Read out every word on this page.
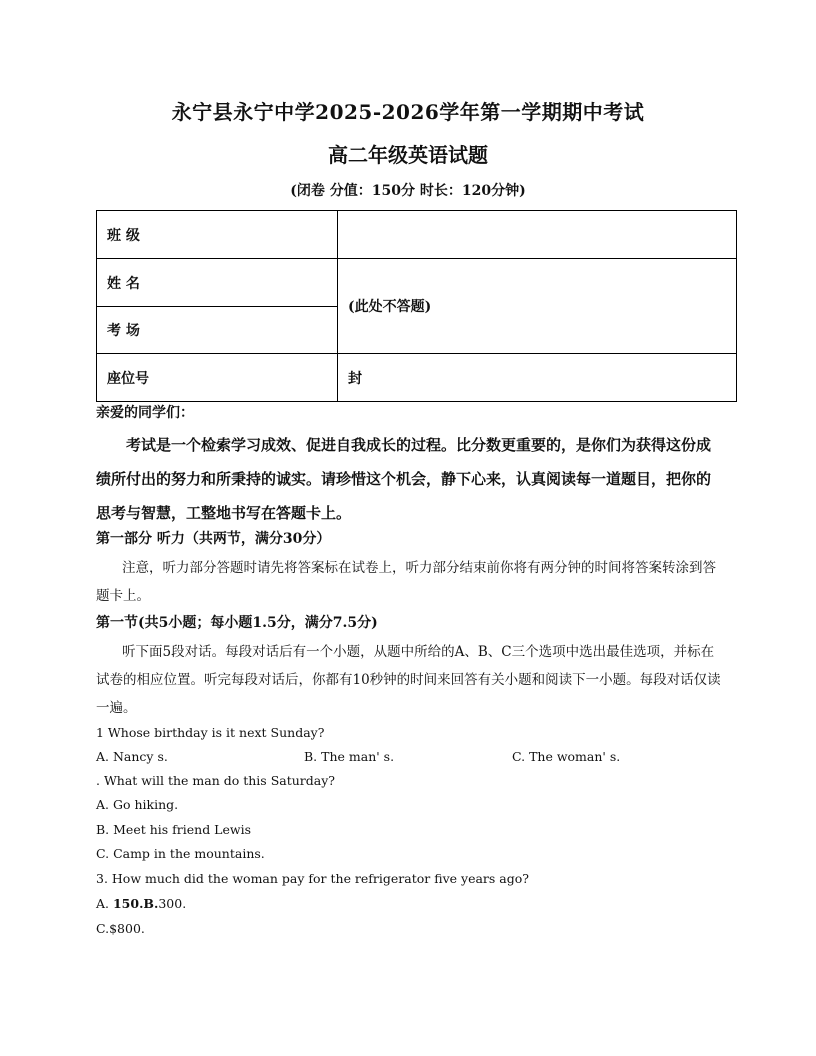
永宁县永宁中学2025-2026学年第一学期期中考试
高二年级英语试题
(闭卷 分值：150分 时长：120分钟)
班 级	
姓 名	(此处不答题)
考 场	
座位号	封
亲爱的同学们：
考试是一个检索学习成效、促进自我成长的过程。比分数更重要的，是你们为获得这份成绩所付出的努力和所秉持的诚实。请珍惜这个机会，静下心来，认真阅读每一道题目，把你的思考与智慧，工整地书写在答题卡上。
第一部分 听力（共两节，满分30分）
注意，听力部分答题时请先将答案标在试卷上，听力部分结束前你将有两分钟的时间将答案转涂到答题卡上。
第一节(共5小题；每小题1.5分，满分7.5分)
听下面5段对话。每段对话后有一个小题，从题中所给的A、B、C三个选项中选出最佳选项，并标在试卷的相应位置。听完每段对话后，你都有10秒钟的时间来回答有关小题和阅读下一小题。每段对话仅读一遍。
1 Whose birthday is it next Sunday?
A. Nancy s.	B. The man' s.	C. The woman' s.
. What will the man do this Saturday?
A. Go hiking.
B. Meet his friend Lewis
C. Camp in the mountains.
3. How much did the woman pay for the refrigerator five years ago?
A. 150.B.300.
C.$800.
